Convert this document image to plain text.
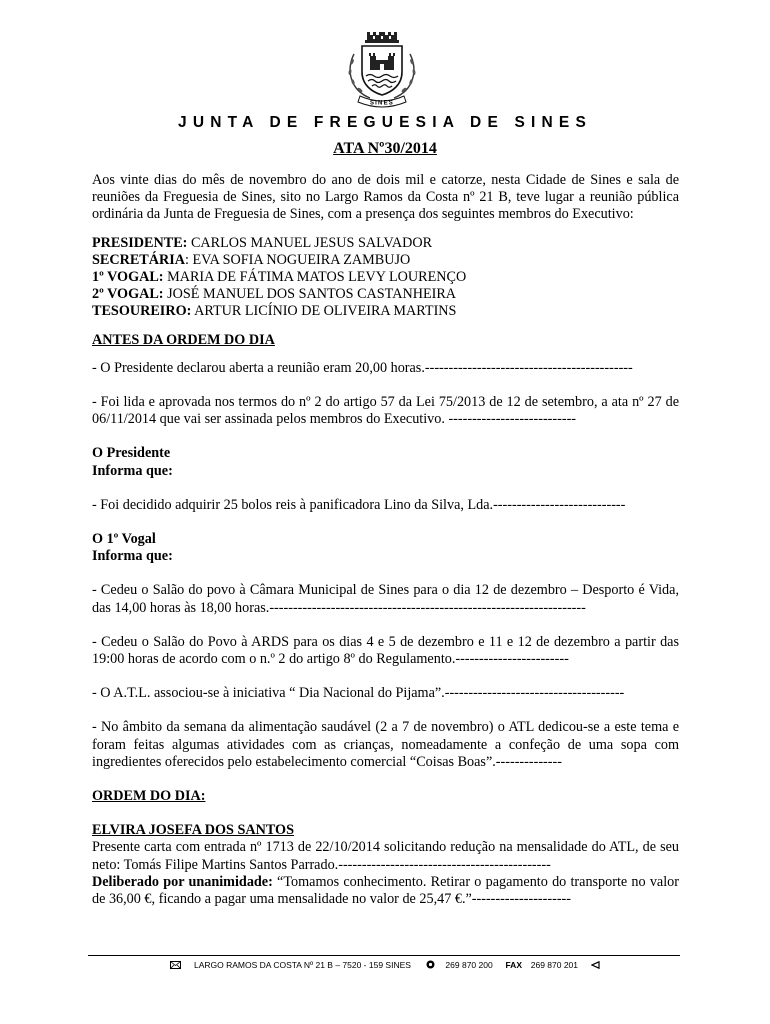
SINES
JUNTA DE FREGUESIA DE SINES
ATA Nº30/2014

Aos vinte dias do mês de novembro do ano de dois mil e catorze, nesta Cidade de Sines e sala de reuniões da Freguesia de Sines, sito no Largo Ramos da Costa nº 21 B, teve lugar a reunião pública ordinária da Junta de Freguesia de Sines, com a presença dos seguintes membros do Executivo:

PRESIDENTE: CARLOS MANUEL JESUS SALVADOR

SECRETÁRIA: EVA SOFIA NOGUEIRA ZAMBUJO

1º VOGAL: MARIA DE FÁTIMA MATOS LEVY LOURENÇO

2º VOGAL: JOSÉ MANUEL DOS SANTOS CASTANHEIRA

TESOUREIRO: ARTUR LICÍNIO DE OLIVEIRA MARTINS

ANTES DA ORDEM DO DIA

- O Presidente declarou aberta a reunião eram 20,00 horas.--------------------------------------------

- Foi lida e aprovada nos termos do nº 2 do artigo 57 da Lei 75/2013 de 12 de setembro, a ata nº 27 de 06/11/2014 que vai ser assinada pelos membros do Executivo. ---------------------------

O Presidente

Informa que:

- Foi decidido adquirir 25 bolos reis à panificadora Lino da Silva, Lda.----------------------------

O 1º Vogal

Informa que:

- Cedeu o Salão do povo à Câmara Municipal de Sines para o dia 12 de dezembro – Desporto é Vida, das 14,00 horas às 18,00 horas.-------------------------------------------------------------------

- Cedeu o Salão do Povo à ARDS para os dias 4 e 5 de dezembro e 11 e 12 de dezembro a partir das 19:00 horas de acordo com o n.º 2 do artigo 8º do Regulamento.------------------------

- O A.T.L. associou-se à iniciativa “ Dia Nacional do Pijama”.--------------------------------------

- No âmbito da semana da alimentação saudável (2 a 7 de novembro) o ATL dedicou-se a este tema e foram feitas algumas atividades com as crianças, nomeadamente a confeção de uma sopa com ingredientes oferecidos pelo estabelecimento comercial “Coisas Boas”.--------------

ORDEM DO DIA:

ELVIRA JOSEFA DOS SANTOS

Presente carta com entrada nº 1713 de 22/10/2014 solicitando redução na mensalidade do ATL, de seu neto: Tomás Filipe Martins Santos Parrado.---------------------------------------------

Deliberado por unanimidade: “Tomamos conhecimento. Retirar o pagamento do transporte no valor de 36,00 €, ficando a pagar uma mensalidade no valor de 25,47 €.”---------------------

LARGO RAMOS DA COSTA Nº 21 B – 7520 - 159 SINES	269 870 200 FAX 269 870 201
